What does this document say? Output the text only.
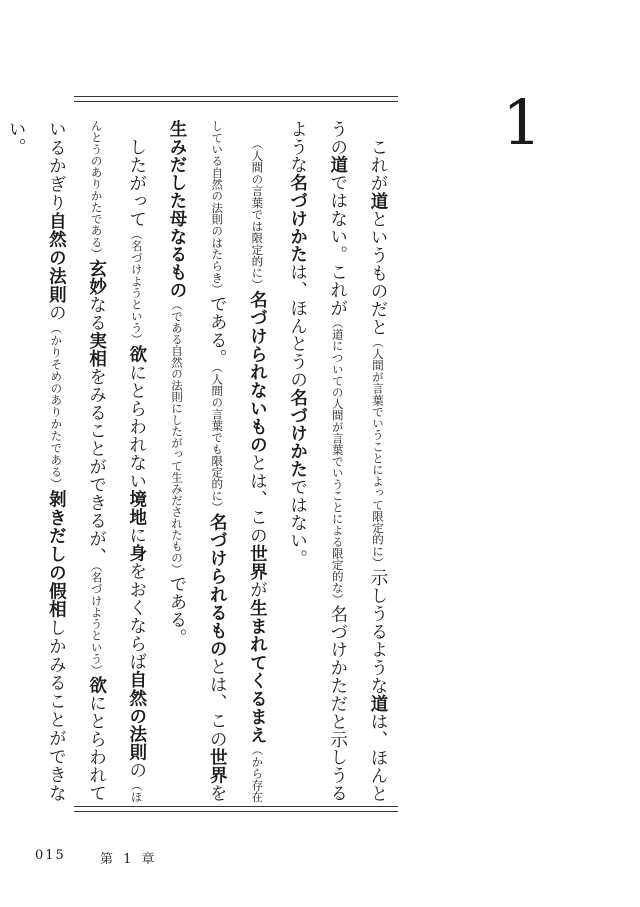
1

これが道というものだと（人間が言葉でいうことによって限定的に）示しうるような道は、ほんとうの道ではない。これが（道についての人間が言葉でいうことによる限定的な）名づけかただと示しうるような名づけかたは、ほんとうの名づけかたではない。

（人間の言葉では限定的に）名づけられないものとは、この世界が生まれてくるまえ（から存在している自然の法則のはたらき）である。（人間の言葉でも限定的に）名づけられるものとは、この世界を生みだした母なるもの（である自然の法則にしたがって生みだされたもの）である。

したがって（名づけようという）欲にとらわれない境地に身をおくならば自然の法則の（ほんとうのありかたである）玄妙なる実相をみることができるが、（名づけようという）欲にとらわれているかぎり自然の法則の（かりそめのありかたである）剝きだしの假相しかみることができない。

015	第 1 章
